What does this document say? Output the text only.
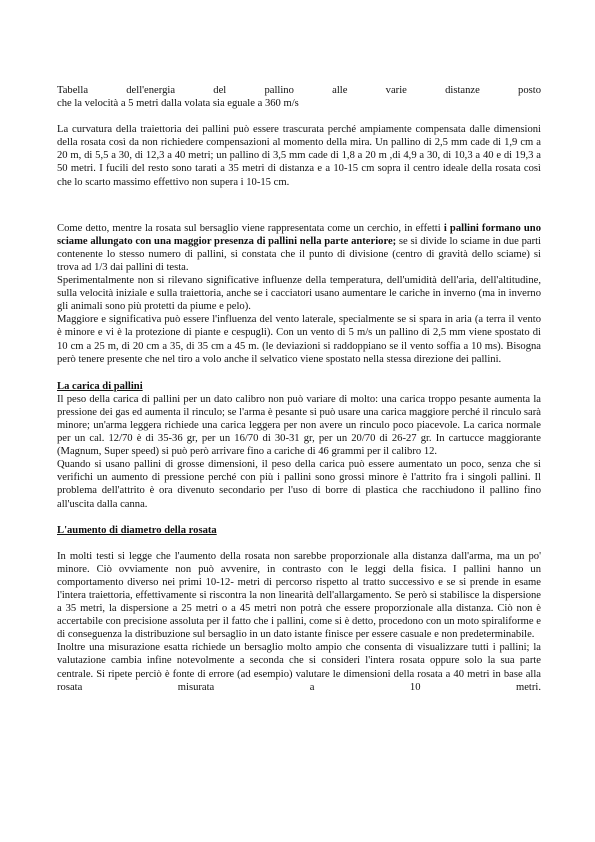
Tabella dell'energia del pallino alle varie distanze posto
che la velocità a 5 metri dalla volata sia eguale a 360 m/s

La curvatura della traiettoria dei pallini può essere trascurata perché ampiamente compensata dalle dimensioni della rosata così da non richiedere compensazioni al momento della mira. Un pallino di 2,5 mm cade di 1,9 cm a 20 m, di 5,5 a 30, di 12,3 a 40 metri; un pallino di 3,5 mm cade di 1,8 a 20 m ,di 4,9 a 30, di 10,3 a 40 e di 19,3 a 50 metri. I fucili del resto sono tarati a 35 metri di distanza e a 10-15 cm sopra il centro ideale della rosata così che lo scarto massimo effettivo non supera i 10-15 cm.

Come detto, mentre la rosata sul bersaglio viene rappresentata come un cerchio, in effetti i pallini formano uno sciame allungato con una maggior presenza di pallini nella parte anteriore; se si divide lo sciame in due parti contenente lo stesso numero di pallini, si constata che il punto di divisione (centro di gravità dello sciame) si trova ad 1/3 dai pallini di testa.

Sperimentalmente non si rilevano significative influenze della temperatura, dell'umidità dell'aria, dell'altitudine, sulla velocità iniziale e sulla traiettoria, anche se i cacciatori usano aumentare le cariche in inverno (ma in inverno gli animali sono più protetti da piume e pelo).

Maggiore e significativa può essere l'influenza del vento laterale, specialmente se si spara in aria (a terra il vento è minore e vi è la protezione di piante e cespugli). Con un vento di 5 m/s un pallino di 2,5 mm viene spostato di 10 cm a 25 m, di 20 cm a 35, di 35 cm a 45 m. (le deviazioni si raddoppiano se il vento soffia a 10 ms). Bisogna però tenere presente che nel tiro a volo anche il selvatico viene spostato nella stessa direzione dei pallini.

La carica di pallini

Il peso della carica di pallini per un dato calibro non può variare di molto: una carica troppo pesante aumenta la pressione dei gas ed aumenta il rinculo; se l'arma è pesante si può usare una carica maggiore perché il rinculo sarà minore; un'arma leggera richiede una carica leggera per non avere un rinculo poco piacevole. La carica normale per un cal. 12/70 è di 35-36 gr, per un 16/70 di 30-31 gr, per un 20/70 di 26-27 gr. In cartucce maggiorante (Magnum, Super speed) si può però arrivare fino a cariche di 46 grammi per il calibro 12.

Quando si usano pallini di grosse dimensioni, il peso della carica può essere aumentato un poco, senza che si verifichi un aumento di pressione perché con più i pallini sono grossi minore è l'attrito fra i singoli pallini. Il problema dell'attrito è ora divenuto secondario per l'uso di borre di plastica che racchiudono il pallino fino all'uscita dalla canna.

L'aumento di diametro della rosata

In molti testi si legge che l'aumento della rosata non sarebbe proporzionale alla distanza dall'arma, ma un po' minore. Ciò ovviamente non può avvenire, in contrasto con le leggi della fisica. I pallini hanno un comportamento diverso nei primi 10-12- metri di percorso rispetto al tratto successivo e se si prende in esame l'intera traiettoria, effettivamente si riscontra la non linearità dell'allargamento. Se però si stabilisce la dispersione a 35 metri, la dispersione a 25 metri o a 45 metri non potrà che essere proporzionale alla distanza. Ciò non è accertabile con precisione assoluta per il fatto che i pallini, come si è detto, procedono con un moto spiraliforme e di conseguenza la distribuzione sul bersaglio in un dato istante finisce per essere casuale e non predeterminabile.

Inoltre una misurazione esatta richiede un bersaglio molto ampio che consenta di visualizzare tutti i pallini; la valutazione cambia infine notevolmente a seconda che si consideri l'intera rosata oppure solo la sua parte centrale. Si ripete perciò è fonte di errore (ad esempio) valutare le dimensioni della rosata a 40 metri in base alla rosata misurata a 10 metri.
